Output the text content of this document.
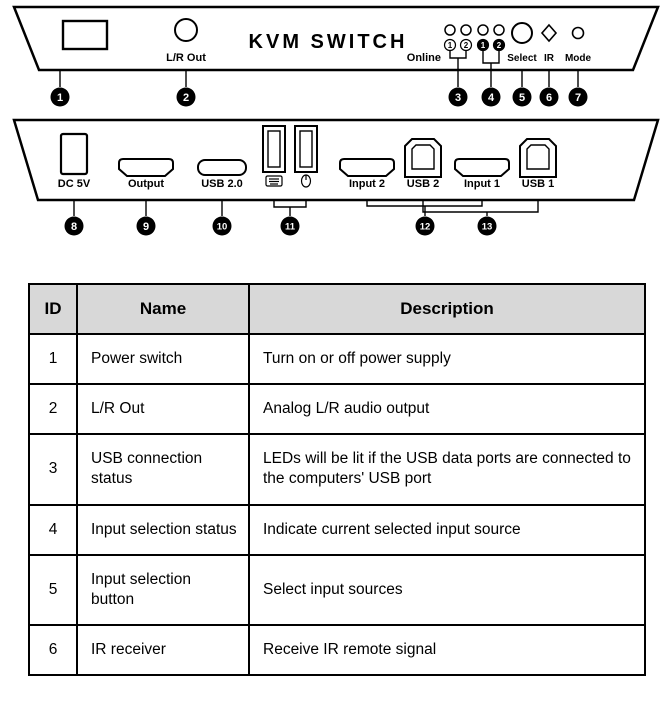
L/R Out
KVM SWITCH
Online
1 2 1 2
Select IR Mode
1	2	3 4 5 6 7
DC 5V	Output	USB 2.0	Input 2 USB 2 Input 1 USB 1
8	9	10	11	12	13
ID	Name	Description
1	Power switch	Turn on or off power supply
2	L/R Out	Analog L/R audio output
3	USB connection status	LEDs will be lit if the USB data ports are connected to the computers' USB port
4	Input selection status	Indicate current selected input source
5	Input selection button	Select input sources
6	IR receiver	Receive IR remote signal
